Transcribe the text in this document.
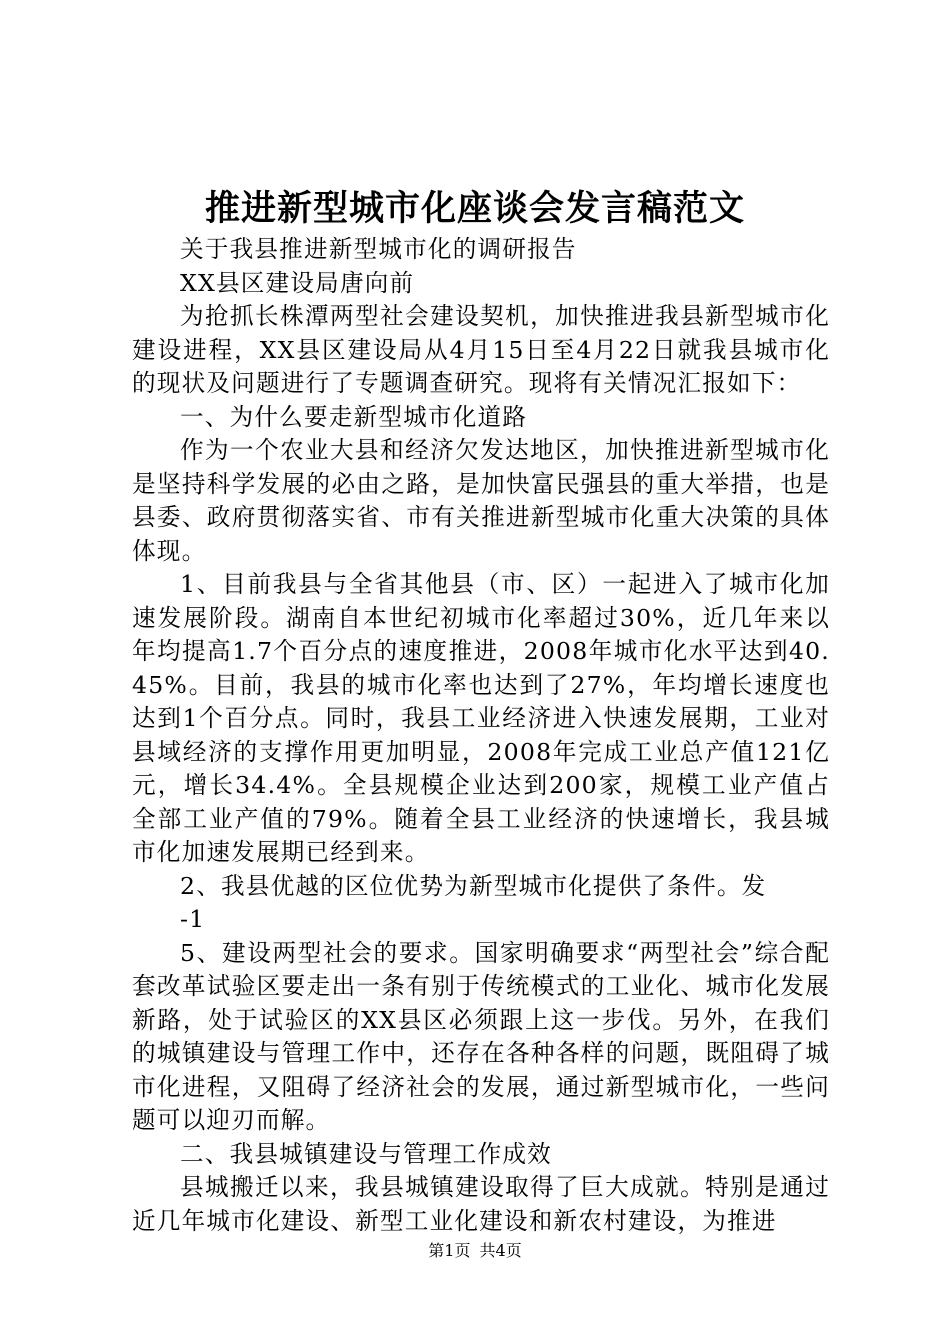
推进新型城市化座谈会发言稿范文

关于我县推进新型城市化的调研报告

XX县区建设局唐向前

为抢抓长株潭两型社会建设契机，加快推进我县新型城市化建设进程，XX县区建设局从4月15日至4月22日就我县城市化的现状及问题进行了专题调查研究。现将有关情况汇报如下：

一、为什么要走新型城市化道路

作为一个农业大县和经济欠发达地区，加快推进新型城市化是坚持科学发展的必由之路，是加快富民强县的重大举措，也是县委、政府贯彻落实省、市有关推进新型城市化重大决策的具体体现。

1、目前我县与全省其他县（市、区）一起进入了城市化加速发展阶段。湖南自本世纪初城市化率超过30%，近几年来以年均提高1.7个百分点的速度推进，2008年城市化水平达到40.45%。目前，我县的城市化率也达到了27%，年均增长速度也达到1个百分点。同时，我县工业经济进入快速发展期，工业对县域经济的支撑作用更加明显，2008年完成工业总产值121亿元，增长34.4%。全县规模企业达到200家，规模工业产值占全部工业产值的79%。随着全县工业经济的快速增长，我县城市化加速发展期已经到来。

2、我县优越的区位优势为新型城市化提供了条件。发

-1

5、建设两型社会的要求。国家明确要求“两型社会”综合配套改革试验区要走出一条有别于传统模式的工业化、城市化发展新路，处于试验区的XX县区必须跟上这一步伐。另外，在我们的城镇建设与管理工作中，还存在各种各样的问题，既阻碍了城市化进程，又阻碍了经济社会的发展，通过新型城市化，一些问题可以迎刃而解。

二、我县城镇建设与管理工作成效

县城搬迁以来，我县城镇建设取得了巨大成就。特别是通过近几年城市化建设、新型工业化建设和新农村建设，为推进

第1页 共4页
